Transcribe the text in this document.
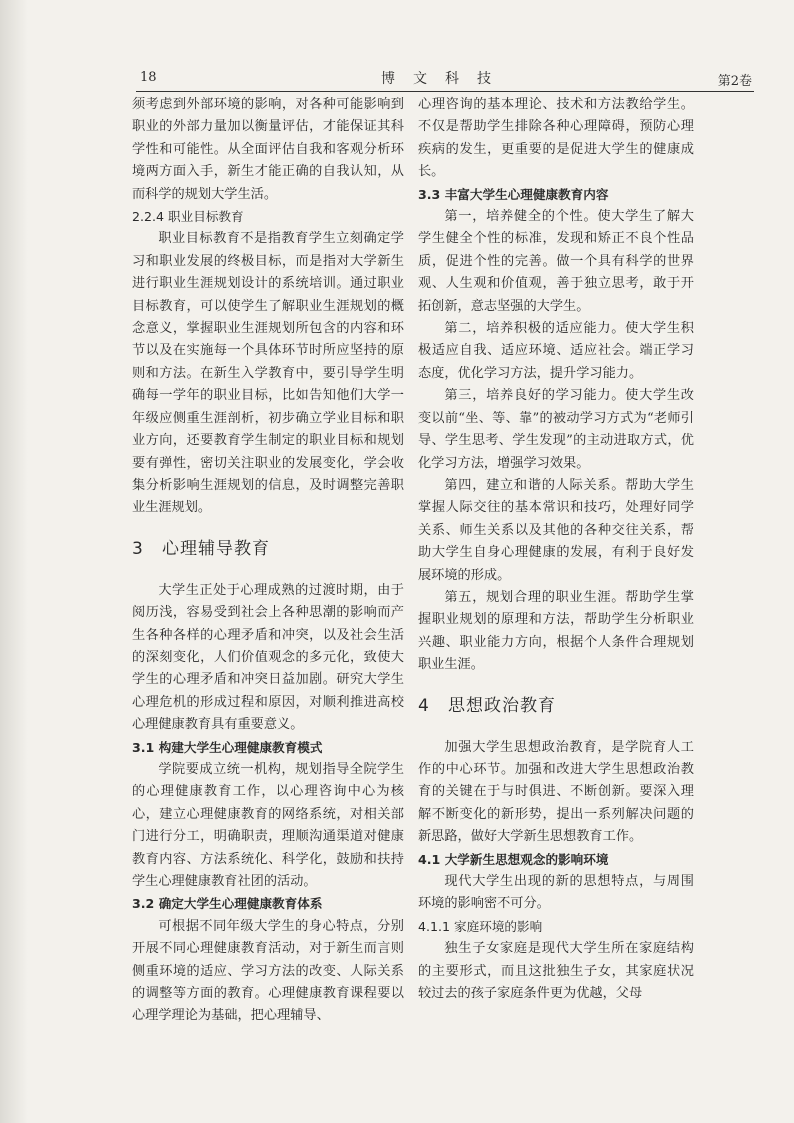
18	博文科技	第2卷

须考虑到外部环境的影响，对各种可能影响到职业的外部力量加以衡量评估，才能保证其科学性和可能性。从全面评估自我和客观分析环境两方面入手，新生才能正确的自我认知，从而科学的规划大学生活。

2.2.4 职业目标教育

职业目标教育不是指教育学生立刻确定学习和职业发展的终极目标，而是指对大学新生进行职业生涯规划设计的系统培训。通过职业目标教育，可以使学生了解职业生涯规划的概念意义，掌握职业生涯规划所包含的内容和环节以及在实施每一个具体环节时所应坚持的原则和方法。在新生入学教育中，要引导学生明确每一学年的职业目标，比如告知他们大学一年级应侧重生涯剖析，初步确立学业目标和职业方向，还要教育学生制定的职业目标和规划要有弹性，密切关注职业的发展变化，学会收集分析影响生涯规划的信息，及时调整完善职业生涯规划。

3 心理辅导教育

大学生正处于心理成熟的过渡时期，由于阅历浅，容易受到社会上各种思潮的影响而产生各种各样的心理矛盾和冲突，以及社会生活的深刻变化，人们价值观念的多元化，致使大学生的心理矛盾和冲突日益加剧。研究大学生心理危机的形成过程和原因，对顺利推进高校心理健康教育具有重要意义。

3.1 构建大学生心理健康教育模式

学院要成立统一机构，规划指导全院学生的心理健康教育工作，以心理咨询中心为核心，建立心理健康教育的网络系统，对相关部门进行分工，明确职责，理顺沟通渠道对健康教育内容、方法系统化、科学化，鼓励和扶持学生心理健康教育社团的活动。

3.2 确定大学生心理健康教育体系

可根据不同年级大学生的身心特点，分别开展不同心理健康教育活动，对于新生而言则侧重环境的适应、学习方法的改变、人际关系的调整等方面的教育。心理健康教育课程要以心理学理论为基础，把心理辅导、

心理咨询的基本理论、技术和方法教给学生。不仅是帮助学生排除各种心理障碍，预防心理疾病的发生，更重要的是促进大学生的健康成长。

3.3 丰富大学生心理健康教育内容

第一，培养健全的个性。使大学生了解大学生健全个性的标准，发现和矫正不良个性品质，促进个性的完善。做一个具有科学的世界观、人生观和价值观，善于独立思考，敢于开拓创新，意志坚强的大学生。

第二，培养积极的适应能力。使大学生积极适应自我、适应环境、适应社会。端正学习态度，优化学习方法，提升学习能力。

第三，培养良好的学习能力。使大学生改变以前“坐、等、靠”的被动学习方式为“老师引导、学生思考、学生发现”的主动进取方式，优化学习方法，增强学习效果。

第四，建立和谐的人际关系。帮助大学生掌握人际交往的基本常识和技巧，处理好同学关系、师生关系以及其他的各种交往关系，帮助大学生自身心理健康的发展，有利于良好发展环境的形成。

第五，规划合理的职业生涯。帮助学生掌握职业规划的原理和方法，帮助学生分析职业兴趣、职业能力方向，根据个人条件合理规划职业生涯。

4 思想政治教育

加强大学生思想政治教育，是学院育人工作的中心环节。加强和改进大学生思想政治教育的关键在于与时俱进、不断创新。要深入理解不断变化的新形势，提出一系列解决问题的新思路，做好大学新生思想教育工作。

4.1 大学新生思想观念的影响环境

现代大学生出现的新的思想特点，与周围环境的影响密不可分。

4.1.1 家庭环境的影响

独生子女家庭是现代大学生所在家庭结构的主要形式，而且这批独生子女，其家庭状况较过去的孩子家庭条件更为优越，父母
